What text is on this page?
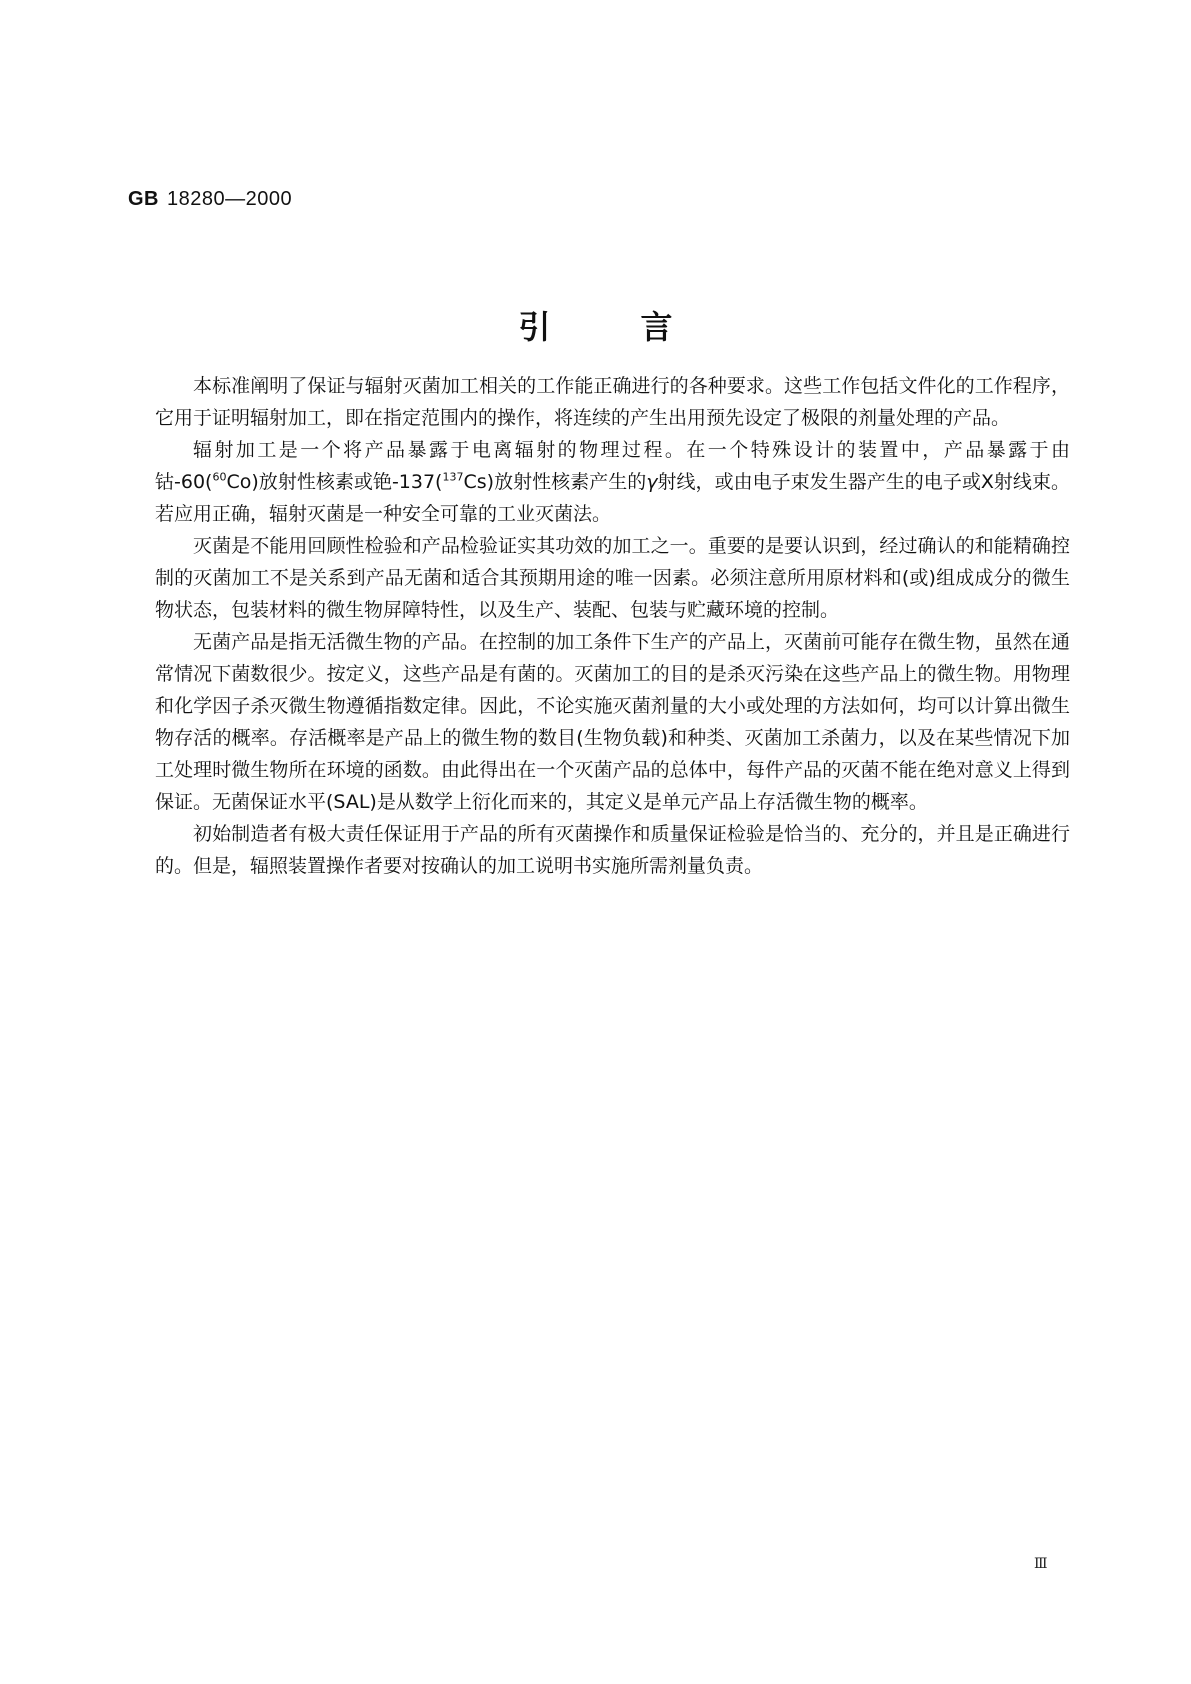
GB 18280—2000
引言

本标准阐明了保证与辐射灭菌加工相关的工作能正确进行的各种要求。这些工作包括文件化的工作程序，它用于证明辐射加工，即在指定范围内的操作，将连续的产生出用预先设定了极限的剂量处理的产品。

辐射加工是一个将产品暴露于电离辐射的物理过程。在一个特殊设计的装置中，产品暴露于由钴-60($^{60}$Co)放射性核素或铯-137($^{137}$Cs)放射性核素产生的γ射线，或由电子束发生器产生的电子或X射线束。若应用正确，辐射灭菌是一种安全可靠的工业灭菌法。

灭菌是不能用回顾性检验和产品检验证实其功效的加工之一。重要的是要认识到，经过确认的和能精确控制的灭菌加工不是关系到产品无菌和适合其预期用途的唯一因素。必须注意所用原材料和(或)组成成分的微生物状态，包装材料的微生物屏障特性，以及生产、装配、包装与贮藏环境的控制。

无菌产品是指无活微生物的产品。在控制的加工条件下生产的产品上，灭菌前可能存在微生物，虽然在通常情况下菌数很少。按定义，这些产品是有菌的。灭菌加工的目的是杀灭污染在这些产品上的微生物。用物理和化学因子杀灭微生物遵循指数定律。因此，不论实施灭菌剂量的大小或处理的方法如何，均可以计算出微生物存活的概率。存活概率是产品上的微生物的数目(生物负载)和种类、灭菌加工杀菌力，以及在某些情况下加工处理时微生物所在环境的函数。由此得出在一个灭菌产品的总体中，每件产品的灭菌不能在绝对意义上得到保证。无菌保证水平(SAL)是从数学上衍化而来的，其定义是单元产品上存活微生物的概率。

初始制造者有极大责任保证用于产品的所有灭菌操作和质量保证检验是恰当的、充分的，并且是正确进行的。但是，辐照装置操作者要对按确认的加工说明书实施所需剂量负责。

Ⅲ
